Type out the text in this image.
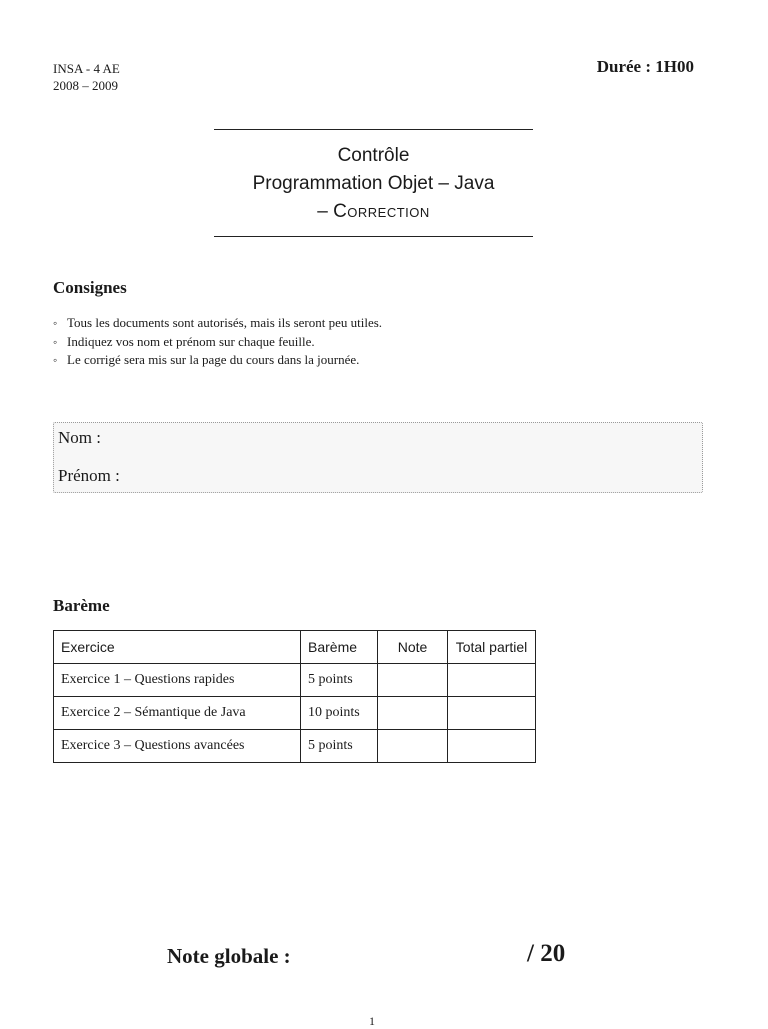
INSA - 4 AE
2008 – 2009
Durée : 1H00
Contrôle
Programmation Objet – Java
– Correction
Consignes
◦ Tous les documents sont autorisés, mais ils seront peu utiles.
◦ Indiquez vos nom et prénom sur chaque feuille.
◦ Le corrigé sera mis sur la page du cours dans la journée.
Nom :
Prénom :
Barème
Exercice	Barème	Note	Total partiel
Exercice 1 – Questions rapides	5 points		
Exercice 2 – Sémantique de Java	10 points		
Exercice 3 – Questions avancées	5 points		
Note globale :	/ 20
1
